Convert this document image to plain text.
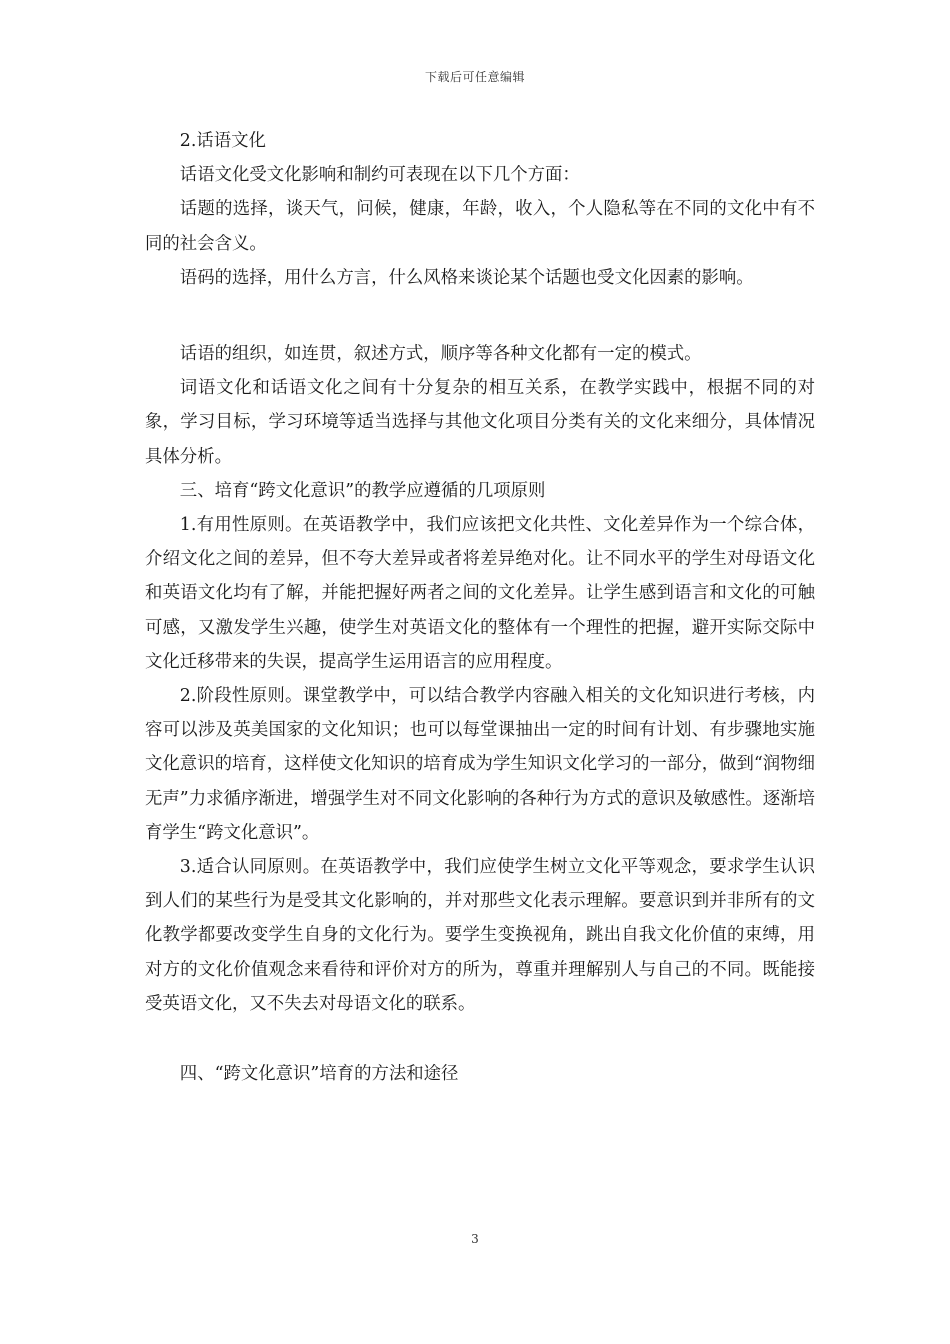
下载后可任意编辑

2.话语文化

话语文化受文化影响和制约可表现在以下几个方面：

话题的选择，谈天气，问候，健康，年龄，收入，个人隐私等在不同的文化中有不同的社会含义。

语码的选择，用什么方言，什么风格来谈论某个话题也受文化因素的影响。

话语的组织，如连贯，叙述方式，顺序等各种文化都有一定的模式。

词语文化和话语文化之间有十分复杂的相互关系，在教学实践中，根据不同的对象，学习目标，学习环境等适当选择与其他文化项目分类有关的文化来细分，具体情况具体分析。

三、培育“跨文化意识”的教学应遵循的几项原则

1.有用性原则。在英语教学中，我们应该把文化共性、文化差异作为一个综合体，介绍文化之间的差异，但不夸大差异或者将差异绝对化。让不同水平的学生对母语文化和英语文化均有了解，并能把握好两者之间的文化差异。让学生感到语言和文化的可触可感，又激发学生兴趣，使学生对英语文化的整体有一个理性的把握，避开实际交际中文化迁移带来的失误，提高学生运用语言的应用程度。

2.阶段性原则。课堂教学中，可以结合教学内容融入相关的文化知识进行考核，内容可以涉及英美国家的文化知识；也可以每堂课抽出一定的时间有计划、有步骤地实施文化意识的培育，这样使文化知识的培育成为学生知识文化学习的一部分，做到“润物细无声”力求循序渐进，增强学生对不同文化影响的各种行为方式的意识及敏感性。逐渐培育学生“跨文化意识”。

3.适合认同原则。在英语教学中，我们应使学生树立文化平等观念，要求学生认识到人们的某些行为是受其文化影响的，并对那些文化表示理解。要意识到并非所有的文化教学都要改变学生自身的文化行为。要学生变换视角，跳出自我文化价值的束缚，用对方的文化价值观念来看待和评价对方的所为，尊重并理解别人与自己的不同。既能接受英语文化，又不失去对母语文化的联系。

四、“跨文化意识”培育的方法和途径

3
